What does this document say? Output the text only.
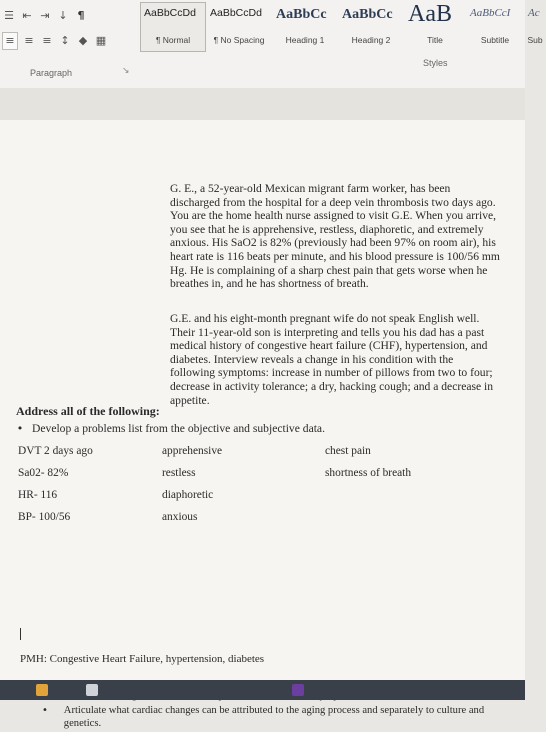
☰ ⇤ ⇥ ↓ ¶
≡ ≡ ≡ ↕ ◆ ▦
Paragraph	↘
AaBbCcDd
¶ Normal
AaBbCcDd
¶ No Spacing
AaBbCc
Heading 1
AaBbCc
Heading 2
AaB
Title
AaBbCcI
Subtitle
Ac
Sub
Styles
G. E., a 52-year-old Mexican migrant farm worker, has been discharged from the hospital for a deep vein thrombosis two days ago. You are the home health nurse assigned to visit G.E. When you arrive, you see that he is apprehensive, restless, diaphoretic, and extremely anxious. His SaO2 is 82% (previously had been 97% on room air), his heart rate is 116 beats per minute, and his blood pressure is 100/56 mm Hg. He is complaining of a sharp chest pain that gets worse when he breathes in, and he has shortness of breath.
G.E. and his eight-month pregnant wife do not speak English well. Their 11-year-old son is interpreting and tells you his dad has a past medical history of congestive heart failure (CHF), hypertension, and diabetes. Interview reveals a change in his condition with the following symptoms: increase in number of pillows from two to four; decrease in activity tolerance; a dry, hacking cough; and a decrease in appetite.
Address all of the following:
• Develop a problems list from the objective and subjective data.
DVT 2 days ago
Sa02- 82%
HR- 116
BP- 100/56
apprehensive
restless
diaphoretic
anxious
chest pain
shortness of breath
PMH: Congestive Heart Failure, hypertension, diabetes
• Articulate what cardiac changes can be attributed to the aging process and separately to culture and genetics.
